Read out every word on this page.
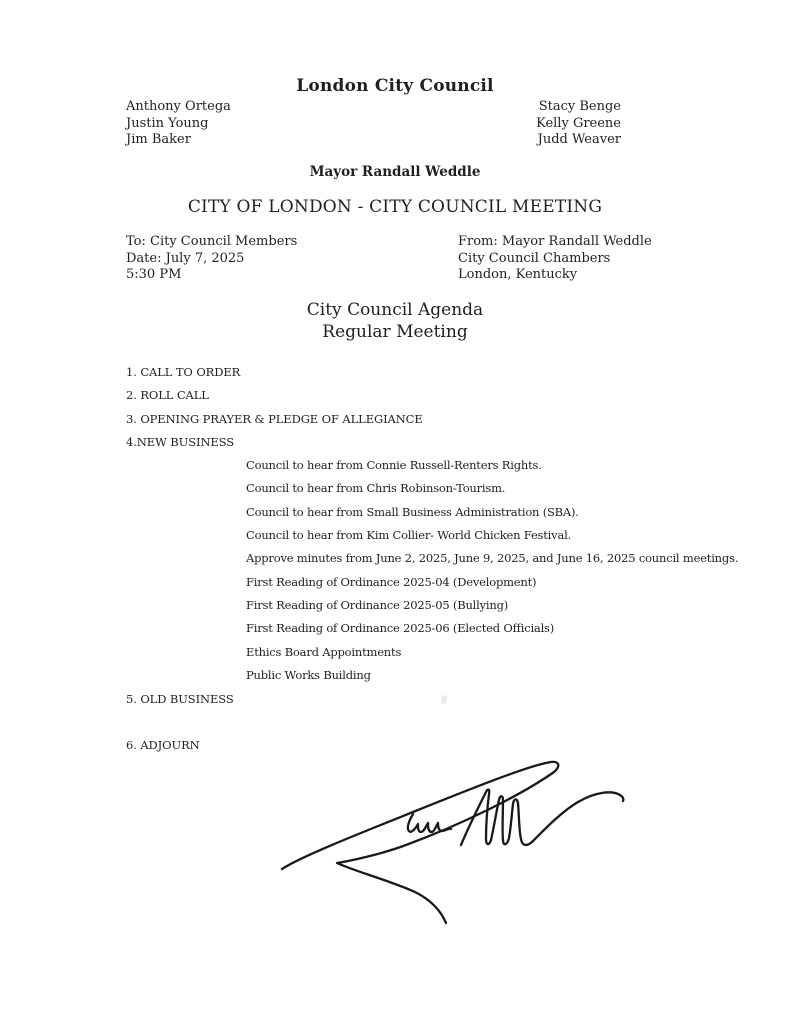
London City Council
Anthony Ortega
Justin Young
Jim Baker
Stacy Benge
Kelly Greene
Judd Weaver
Mayor Randall Weddle
CITY OF LONDON - CITY COUNCIL MEETING
To: City Council Members
Date: July 7, 2025
5:30 PM
From: Mayor Randall Weddle
City Council Chambers
London, Kentucky
City Council Agenda
Regular Meeting
1. CALL TO ORDER
2. ROLL CALL
3. OPENING PRAYER & PLEDGE OF ALLEGIANCE
4.NEW BUSINESS
Council to hear from Connie Russell-Renters Rights.
Council to hear from Chris Robinson-Tourism.
Council to hear from Small Business Administration (SBA).
Council to hear from Kim Collier- World Chicken Festival.
Approve minutes from June 2, 2025, June 9, 2025, and June 16, 2025 council meetings.
First Reading of Ordinance 2025-04 (Development)
First Reading of Ordinance 2025-05 (Bullying)
First Reading of Ordinance 2025-06 (Elected Officials)
Ethics Board Appointments
Public Works Building
5. OLD BUSINESS
6. ADJOURN
